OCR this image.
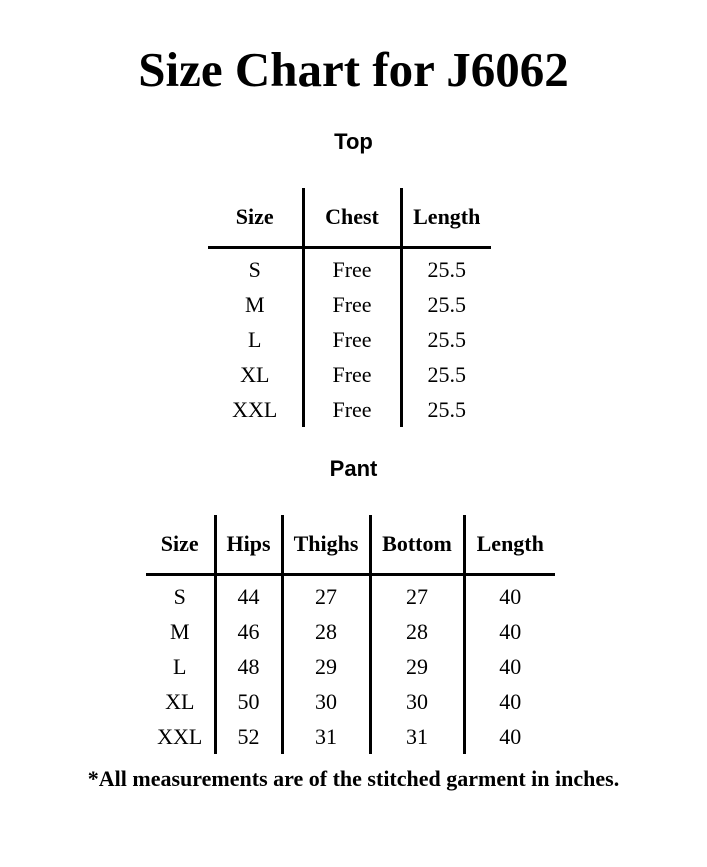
Size Chart for J6062
Top
Size	Chest	Length
S	Free	25.5
M	Free	25.5
L	Free	25.5
XL	Free	25.5
XXL	Free	25.5
Pant
Size	Hips	Thighs	Bottom	Length
S	44	27	27	40
M	46	28	28	40
L	48	29	29	40
XL	50	30	30	40
XXL	52	31	31	40
*All measurements are of the stitched garment in inches.
